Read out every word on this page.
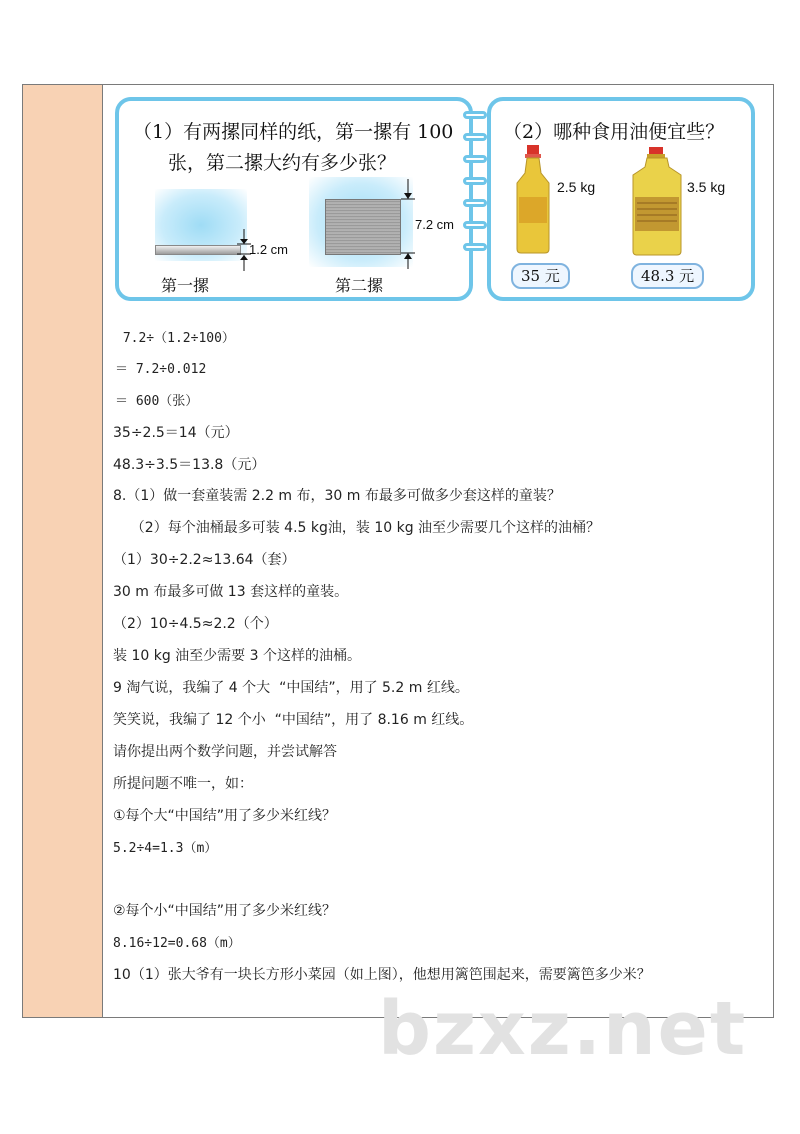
（1）有两摞同样的纸，第一摞有 100
张，第二摞大约有多少张？
1.2 cm
第一摞
7.2 cm
第二摞
（2）哪种食用油便宜些？
2.5 kg	3.5 kg
35 元	48.3 元
7.2÷（1.2÷100）
＝ 7.2÷0.012
＝ 600（张）
35÷2.5＝14（元）
48.3÷3.5＝13.8（元）
8.（1）做一套童装需 2.2 m 布，30 m 布最多可做多少套这样的童装？
（2）每个油桶最多可装 4.5 kg油，装 10 kg 油至少需要几个这样的油桶？
（1）30÷2.2≈13.64（套）
30 m 布最多可做 13 套这样的童装。
（2）10÷4.5≈2.2（个）
装 10 kg 油至少需要 3 个这样的油桶。
9 淘气说，我编了 4 个大  “中国结”，用了 5.2 m 红线。
笑笑说，我编了 12 个小  “中国结”，用了 8.16 m 红线。
请你提出两个数学问题，并尝试解答
所提问题不唯一，如：
①每个大“中国结”用了多少米红线？
5.2÷4=1.3（m）
②每个小“中国结”用了多少米红线？
8.16÷12=0.68（m）
10（1）张大爷有一块长方形小菜园（如上图），他想用篱笆围起来，需要篱笆多少米？
bzxz.net
